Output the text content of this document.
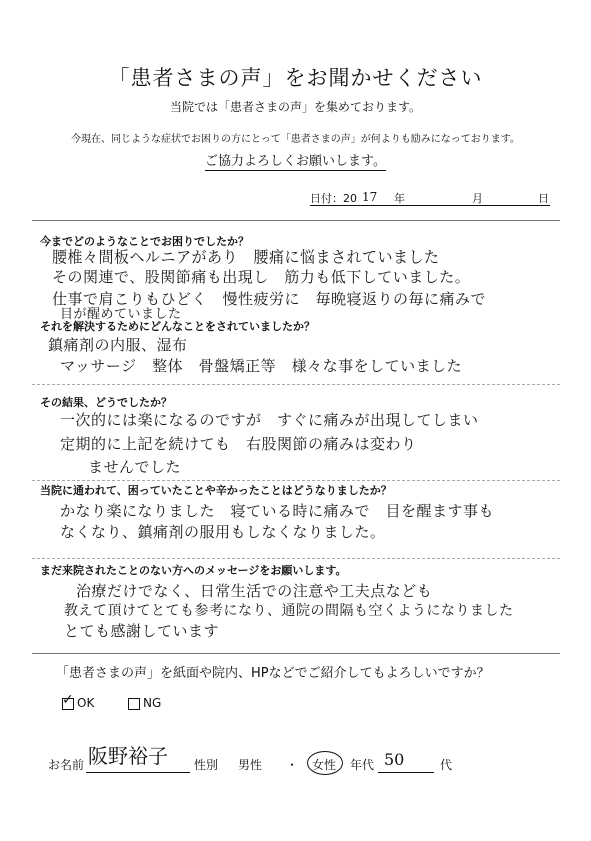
「患者さまの声」をお聞かせください
当院では「患者さまの声」を集めております。
今現在、同じような症状でお困りの方にとって「患者さまの声」が何よりも励みになっております。
ご協力よろしくお願いします。
日付：20 17 年	月	日
今までどのようなことでお困りでしたか？
腰椎々間板ヘルニアがあり　腰痛に悩まされていました
その関連で、股関節痛も出現し　筋力も低下していました。
仕事で肩こりもひどく　慢性疲労に　毎晩寝返りの毎に痛みで
目が醒めていました
それを解決するためにどんなことをされていましたか？
鎮痛剤の内服、湿布
マッサージ　整体　骨盤矯正等　様々な事をしていました
その結果、どうでしたか？
一次的には楽になるのですが　すぐに痛みが出現してしまい
定期的に上記を続けても　右股関節の痛みは変わり
ませんでした
当院に通われて、困っていたことや辛かったことはどうなりましたか？
かなり楽になりました　寝ている時に痛みで　目を醒ます事も
なくなり、鎮痛剤の服用もしなくなりました。
まだ来院されたことのない方へのメッセージをお願いします。
治療だけでなく、日常生活での注意や工夫点なども
教えて頂けてとても参考になり、通院の間隔も空くようになりました
とても感謝しています
「患者さまの声」を紙面や院内、HPなどでご紹介してもよろしいですか？
✓ OK	NG
お名前 阪野裕子 性別 男性 ・ 女性 年代 50	代
